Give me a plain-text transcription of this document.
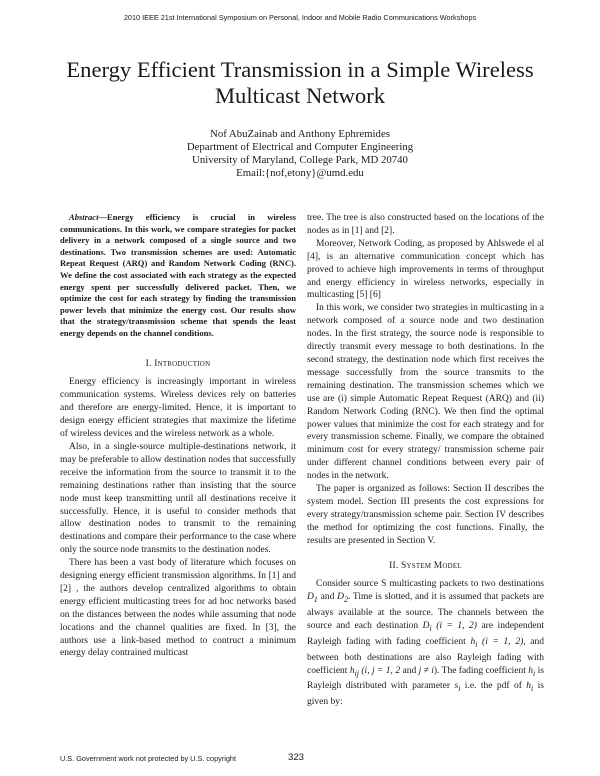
2010 IEEE 21st International Symposium on Personal, Indoor and Mobile Radio Communications Workshops
Energy Efficient Transmission in a Simple Wireless Multicast Network
Nof AbuZainab and Anthony Ephremides
Department of Electrical and Computer Engineering
University of Maryland, College Park, MD 20740
Email:{nof,etony}@umd.edu

Abstract—Energy efficiency is crucial in wireless communications. In this work, we compare strategies for packet delivery in a network composed of a single source and two destinations. Two transmission schemes are used: Automatic Repeat Request (ARQ) and Random Network Coding (RNC). We define the cost associated with each strategy as the expected energy spent per successfully delivered packet. Then, we optimize the cost for each strategy by finding the transmission power levels that minimize the energy cost. Our results show that the strategy/transmission scheme that spends the least energy depends on the channel conditions.

I. Introduction

Energy efficiency is increasingly important in wireless communication systems. Wireless devices rely on batteries and therefore are energy-limited. Hence, it is important to design energy efficient strategies that maximize the lifetime of wireless devices and the wireless network as a whole.

Also, in a single-source multiple-destinations network, it may be preferable to allow destination nodes that successfully receive the information from the source to transmit it to the remaining destinations rather than insisting that the source node must keep transmitting until all destinations receive it successfully. Hence, it is useful to consider methods that allow destination nodes to transmit to the remaining destinations and compare their performance to the case where only the source node transmits to the destination nodes.

There has been a vast body of literature which focuses on designing energy efficient transmission algorithms. In [1] and [2] , the authors develop centralized algorithms to obtain energy efficient multicasting trees for ad hoc networks based on the distances between the nodes while assuming that node locations and the channel qualities are fixed. In [3], the authors use a link-based method to contruct a minimum energy delay contrained multicast

tree. The tree is also constructed based on the locations of the nodes as in [1] and [2].

Moreover, Network Coding, as proposed by Ahlswede el al [4], is an alternative communication concept which has proved to achieve high improvements in terms of throughput and energy efficiency in wireless networks, especially in multicasting [5] [6]

In this work, we consider two strategies in multicasting in a network composed of a source node and two destination nodes. In the first strategy, the source node is responsible to directly transmit every message to both destinations. In the second strategy, the destination node which first receives the message successfully from the source transmits to the remaining destination. The transmission schemes which we use are (i) simple Automatic Repeat Request (ARQ) and (ii) Random Network Coding (RNC). We then find the optimal power values that minimize the cost for each strategy and for every transmission scheme. Finally, we compare the obtained minimum cost for every strategy/ transmission scheme pair under different channel conditions between every pair of nodes in the network.

The paper is organized as follows: Section II describes the system model. Section III presents the cost expressions for every strategy/transmission scheme pair. Section IV describes the method for optimizing the cost functions. Finally, the results are presented in Section V.

II. System Model

Consider source S multicasting packets to two destinations $D_1$ and $D_2$. Time is slotted, and it is assumed that packets are always available at the source. The channels between the source and each destination $D_i$ (i = 1, 2) are independent Rayleigh fading with fading coefficient $h_i$ (i = 1, 2), and between both destinations are also Rayleigh fading with coefficient $h_{ij}$ (i, j = 1, 2 and j ≠ i). The fading coefficient $h_i$ is Rayleigh distributed with parameter $s_i$ i.e. the pdf of $h_i$ is given by:

U.S. Government work not protected by U.S. copyright	323
